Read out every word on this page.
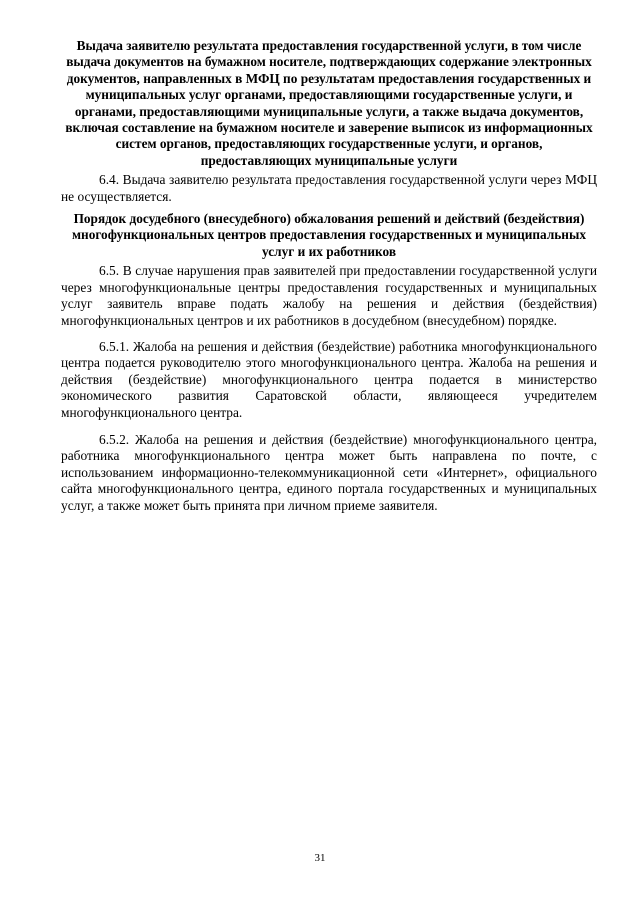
Выдача заявителю результата предоставления государственной услуги, в том числе выдача документов на бумажном носителе, подтверждающих содержание электронных документов, направленных в МФЦ по результатам предоставления государственных и муниципальных услуг органами, предоставляющими государственные услуги, и органами, предоставляющими муниципальные услуги, а также выдача документов, включая составление на бумажном носителе и заверение выписок из информационных систем органов, предоставляющих государственные услуги, и органов, предоставляющих муниципальные услуги

6.4. Выдача заявителю результата предоставления государственной услуги через МФЦ не осуществляется.

Порядок досудебного (внесудебного) обжалования решений и действий (бездействия) многофункциональных центров предоставления государственных и муниципальных услуг и их работников

6.5. В случае нарушения прав заявителей при предоставлении государственной услуги через многофункциональные центры предоставления государственных и муниципальных услуг заявитель вправе подать жалобу на решения и действия (бездействия) многофункциональных центров и их работников в досудебном (внесудебном) порядке.

6.5.1. Жалоба на решения и действия (бездействие) работника многофункционального центра подается руководителю этого многофункционального центра. Жалоба на решения и действия (бездействие) многофункционального центра подается в министерство экономического развития Саратовской области, являющееся учредителем многофункционального центра.

6.5.2. Жалоба на решения и действия (бездействие) многофункционального центра, работника многофункционального центра может быть направлена по почте, с использованием информационно-телекоммуникационной сети «Интернет», официального сайта многофункционального центра, единого портала государственных и муниципальных услуг, а также может быть принята при личном приеме заявителя.

31
